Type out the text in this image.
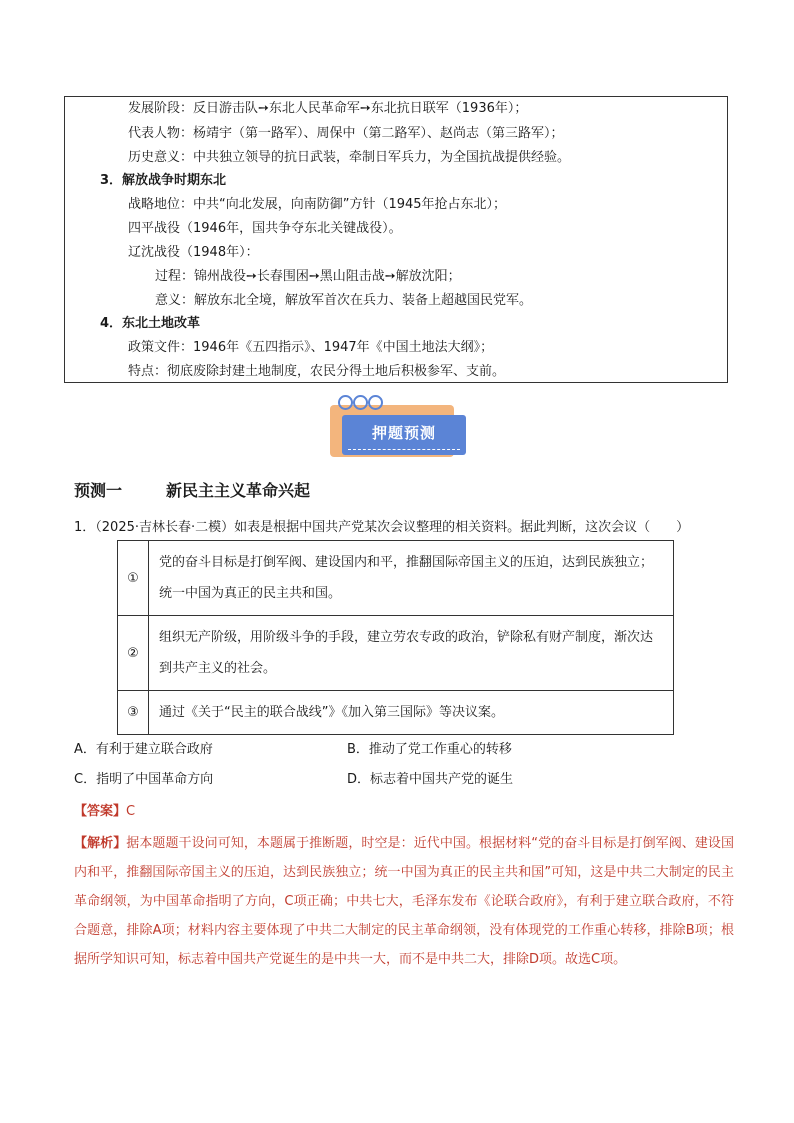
发展阶段：反日游击队➙东北人民革命军➙东北抗日联军（1936年）；
代表人物：杨靖宇（第一路军）、周保中（第二路军）、赵尚志（第三路军）；
历史意义：中共独立领导的抗日武装，牵制日军兵力，为全国抗战提供经验。
3．解放战争时期东北
战略地位：中共“向北发展，向南防御”方针（1945年抢占东北）；
四平战役（1946年，国共争夺东北关键战役）。
辽沈战役（1948年）：
过程：锦州战役➙长春围困➙黑山阻击战➙解放沈阳；
意义：解放东北全境，解放军首次在兵力、装备上超越国民党军。
4．东北土地改革
政策文件：1946年《五四指示》、1947年《中国土地法大纲》；
特点：彻底废除封建土地制度，农民分得土地后积极参军、支前。
押题预测
预测一	新民主主义革命兴起
1．（2025·吉林长春·二模）如表是根据中国共产党某次会议整理的相关资料。据此判断，这次会议（　　）
①	党的奋斗目标是打倒军阀、建设国内和平，推翻国际帝国主义的压迫，达到民族独立；统一中国为真正的民主共和国。
②	组织无产阶级，用阶级斗争的手段，建立劳农专政的政治，铲除私有财产制度，渐次达到共产主义的社会。
③	通过《关于“民主的联合战线”》《加入第三国际》等决议案。
A．有利于建立联合政府	B．推动了党工作重心的转移
C．指明了中国革命方向	D．标志着中国共产党的诞生
【答案】C
【解析】据本题题干设问可知，本题属于推断题，时空是：近代中国。根据材料“党的奋斗目标是打倒军阀、建设国内和平，推翻国际帝国主义的压迫，达到民族独立；统一中国为真正的民主共和国”可知，这是中共二大制定的民主革命纲领，为中国革命指明了方向，C项正确；中共七大，毛泽东发布《论联合政府》，有利于建立联合政府，不符合题意，排除A项；材料内容主要体现了中共二大制定的民主革命纲领，没有体现党的工作重心转移，排除B项；根据所学知识可知，标志着中国共产党诞生的是中共一大，而不是中共二大，排除D项。故选C项。
